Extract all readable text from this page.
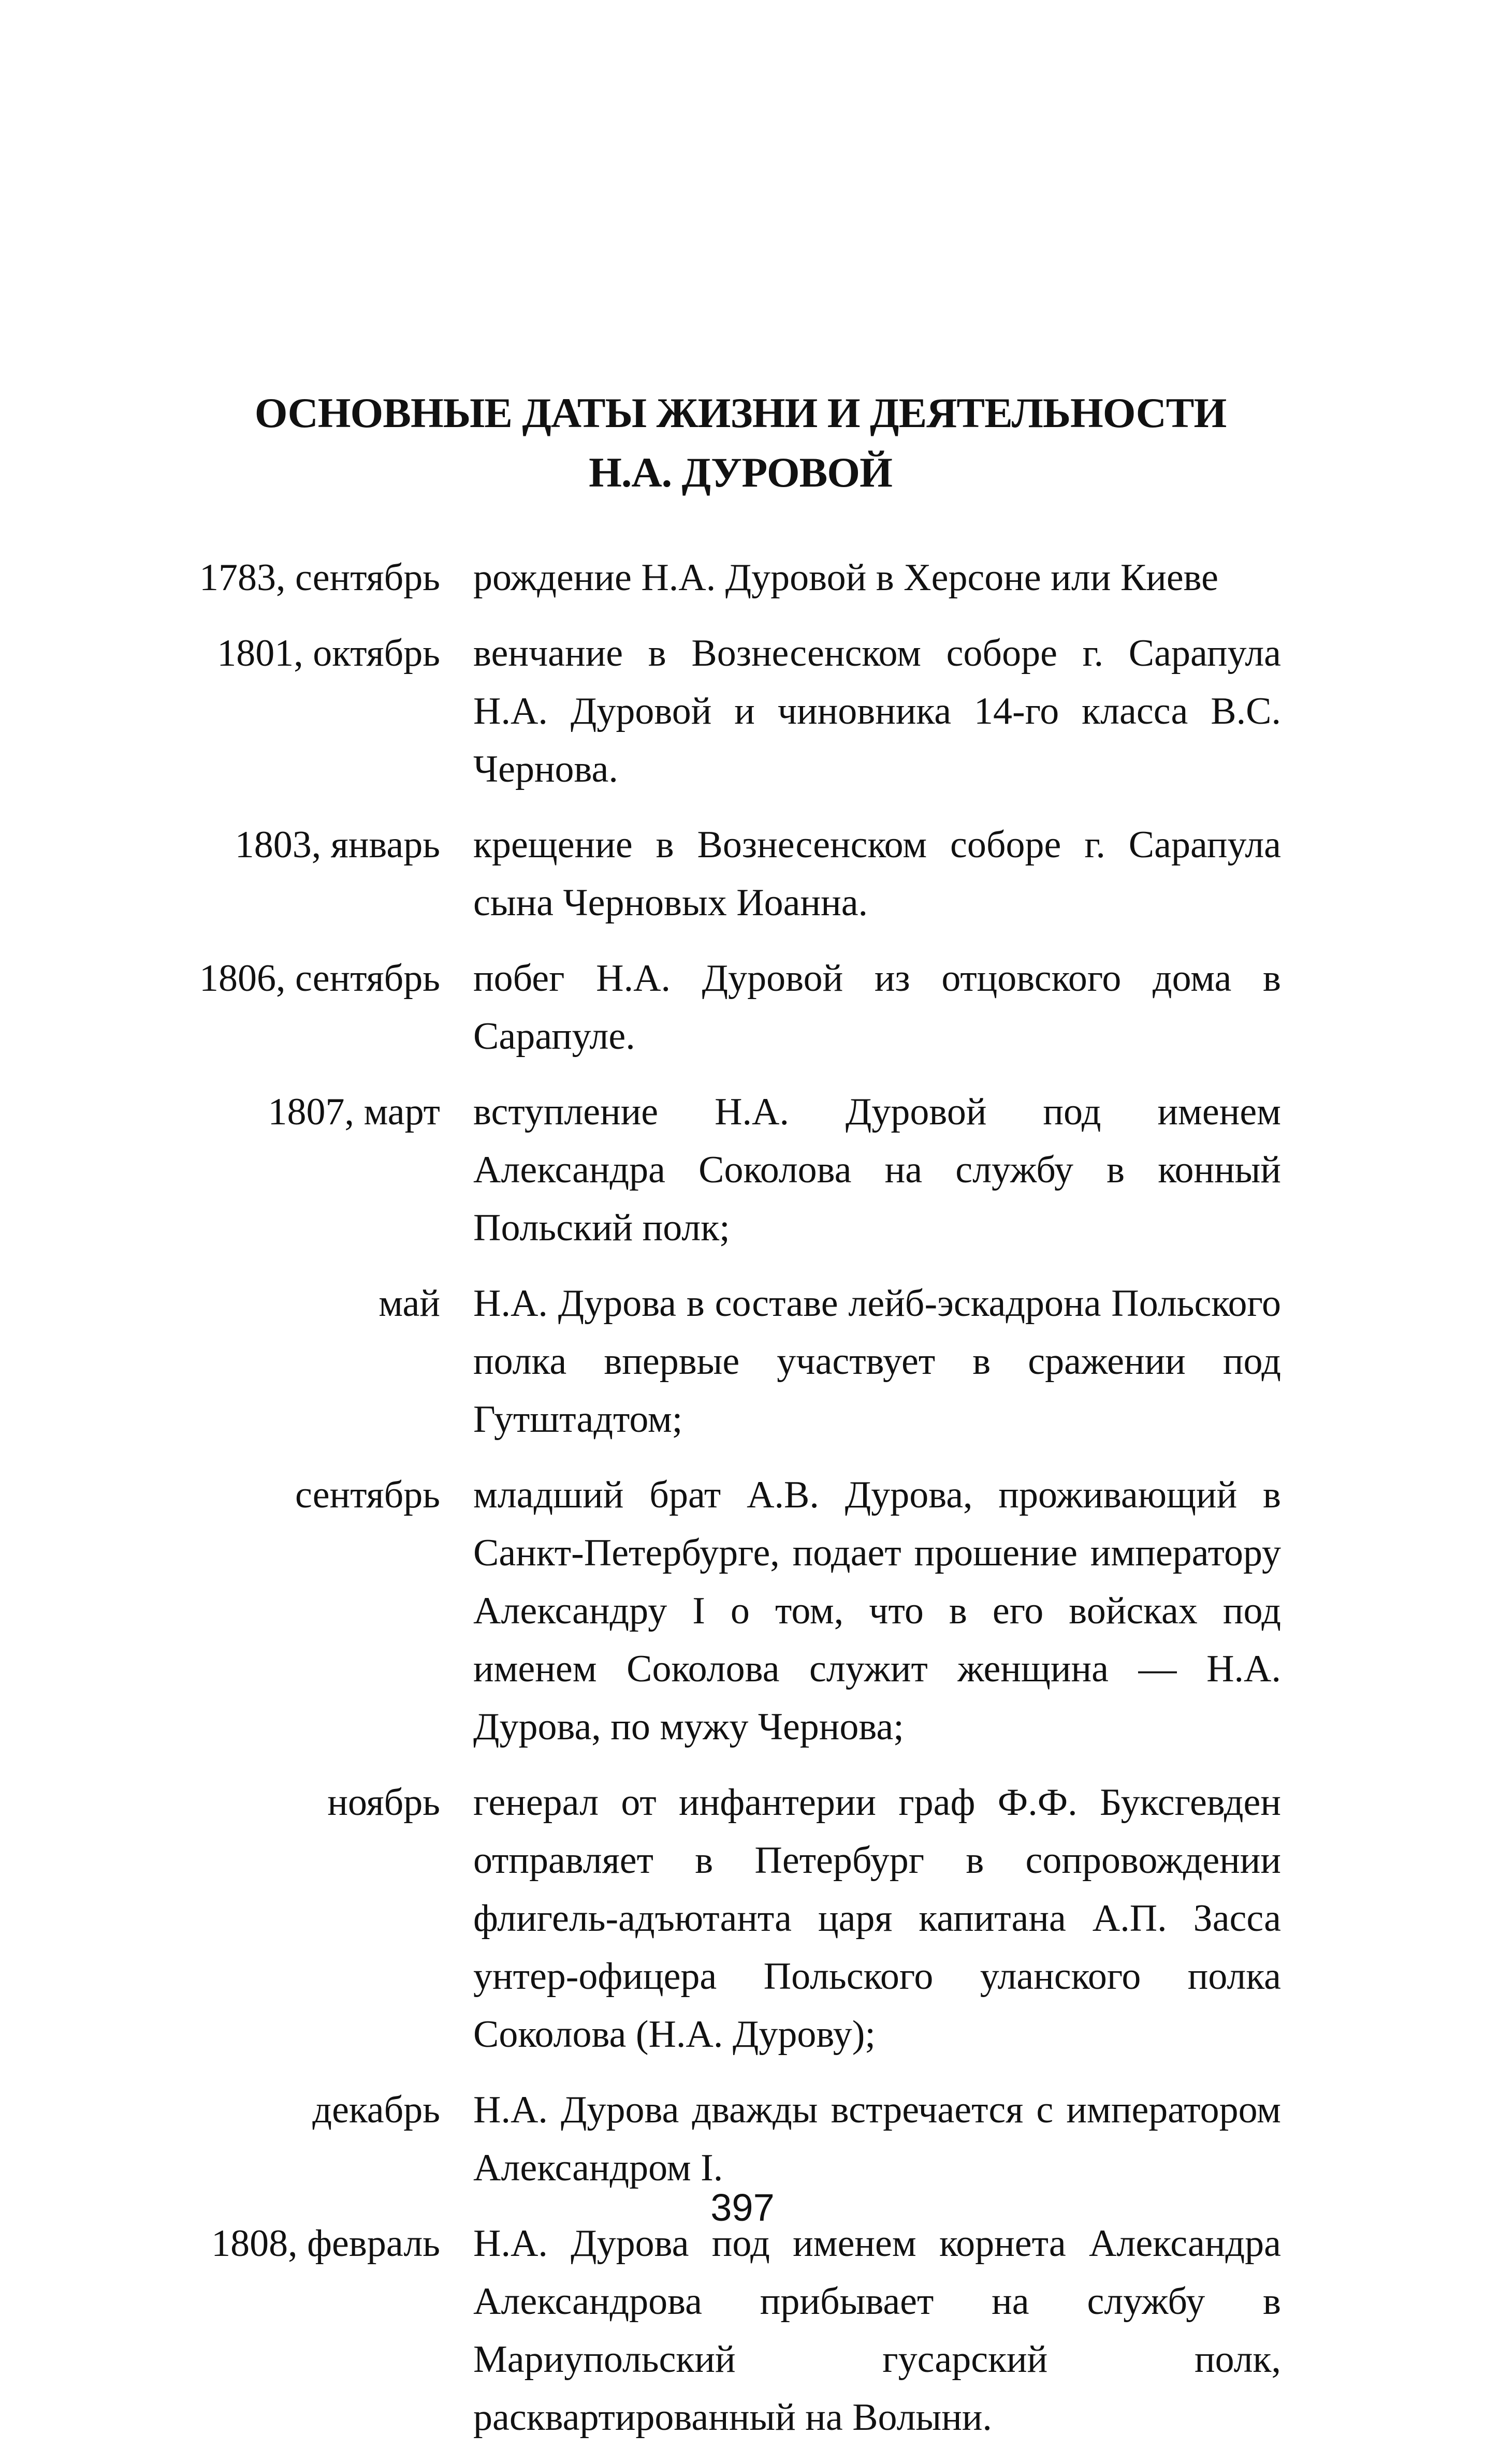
ОСНОВНЫЕ ДАТЫ ЖИЗНИ И ДЕЯТЕЛЬНОСТИ
Н.А. ДУРОВОЙ
1783, сентябрь рождение Н.А. Дуровой в Херсоне или Киеве
1801, октябрь венчание в Вознесенском соборе г. Сарапула Н.А. Дуровой и чиновника 14-го класса В.С. Чернова.
1803, январь крещение в Вознесенском соборе г. Сарапула сына Черновых Иоанна.
1806, сентябрь побег Н.А. Дуровой из отцовского дома в Сарапуле.
1807, март вступление Н.А. Дуровой под именем Александра Соколова на службу в конный Польский полк;
май Н.А. Дурова в составе лейб-эскадрона Польского полка впервые участвует в сражении под Гутштадтом;
сентябрь младший брат А.В. Дурова, проживающий в Санкт-Петербурге, подает прошение императору Александру I о том, что в его войсках под именем Соколова служит женщина — Н.А. Дурова, по мужу Чернова;
ноябрь генерал от инфантерии граф Ф.Ф. Буксгевден отправляет в Петербург в сопровождении флигель-адъютанта царя капитана А.П. Засса унтер-офицера Польского уланского полка Соколова (Н.А. Дурову);
декабрь Н.А. Дурова дважды встречается с императором Александром I.
1808, февраль Н.А. Дурова под именем корнета Александра Александрова прибывает на службу в Мариупольский гусарский полк, расквартированный на Волыни.
397
